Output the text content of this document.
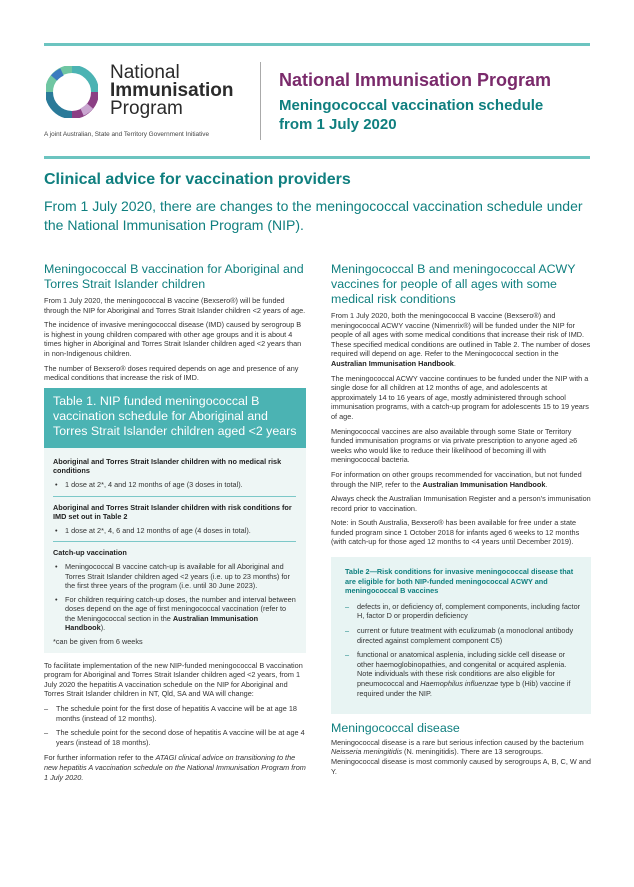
National
Immunisation
Program
A joint Australian, State and Territory Government Initiative
National Immunisation Program
Meningococcal vaccination schedule from 1 July 2020
Clinical advice for vaccination providers
From 1 July 2020, there are changes to the meningococcal vaccination schedule under the National Immunisation Program (NIP).
Meningococcal B vaccination for Aboriginal and Torres Strait Islander children

From 1 July 2020, the meningococcal B vaccine (Bexsero®) will be funded through the NIP for Aboriginal and Torres Strait Islander children <2 years of age.

The incidence of invasive meningococcal disease (IMD) caused by serogroup B is highest in young children compared with other age groups and it is about 4 times higher in Aboriginal and Torres Strait Islander children aged <2 years than in non-Indigenous children.

The number of Bexsero® doses required depends on age and presence of any medical conditions that increase the risk of IMD.

Table 1. NIP funded meningococcal B vaccination schedule for Aboriginal and Torres Strait Islander children aged <2 years
Aboriginal and Torres Strait Islander children with no medical risk conditions
• 1 dose at 2*, 4 and 12 months of age (3 doses in total).
Aboriginal and Torres Strait Islander children with risk conditions for IMD set out in Table 2
• 1 dose at 2*, 4, 6 and 12 months of age (4 doses in total).
Catch-up vaccination
• Meningococcal B vaccine catch-up is available for all Aboriginal and Torres Strait Islander children aged <2 years (i.e. up to 23 months) for the first three years of the program (i.e. until 30 June 2023).
• For children requiring catch-up doses, the number and interval between doses depend on the age of first meningococcal vaccination (refer to the Meningococcal section in the Australian Immunisation Handbook).
*can be given from 6 weeks

To facilitate implementation of the new NIP-funded meningococcal B vaccination program for Aboriginal and Torres Strait Islander children aged <2 years, from 1 July 2020 the hepatitis A vaccination schedule on the NIP for Aboriginal and Torres Strait Islander children in NT, Qld, SA and WA will change:

– The schedule point for the first dose of hepatitis A vaccine will be at age 18 months (instead of 12 months).
– The schedule point for the second dose of hepatitis A vaccine will be at age 4 years (instead of 18 months).

For further information refer to the ATAGI clinical advice on transitioning to the new hepatitis A vaccination schedule on the National Immunisation Program from 1 July 2020.

Meningococcal B and meningococcal ACWY vaccines for people of all ages with some medical risk conditions

From 1 July 2020, both the meningococcal B vaccine (Bexsero®) and meningococcal ACWY vaccine (Nimenrix®) will be funded under the NIP for people of all ages with some medical conditions that increase their risk of IMD. These specified medical conditions are outlined in Table 2. The number of doses required will depend on age. Refer to the Meningococcal section in the Australian Immunisation Handbook.

The meningococcal ACWY vaccine continues to be funded under the NIP with a single dose for all children at 12 months of age, and adolescents at approximately 14 to 16 years of age, mostly administered through school immunisation programs, with a catch-up program for adolescents 15 to 19 years of age.

Meningococcal vaccines are also available through some State or Territory funded immunisation programs or via private prescription to anyone aged ≥6 weeks who would like to reduce their likelihood of becoming ill with meningococcal bacteria.

For information on other groups recommended for vaccination, but not funded through the NIP, refer to the Australian Immunisation Handbook.

Always check the Australian Immunisation Register and a person's immunisation record prior to vaccination.

Note: in South Australia, Bexsero® has been available for free under a state funded program since 1 October 2018 for infants aged 6 weeks to 12 months (with catch-up for those aged 12 months to <4 years until December 2019).

Table 2—Risk conditions for invasive meningococcal disease that are eligible for both NIP-funded meningococcal ACWY and meningococcal B vaccines
– defects in, or deficiency of, complement components, including factor H, factor D or properdin deficiency
– current or future treatment with eculizumab (a monoclonal antibody directed against complement component C5)
– functional or anatomical asplenia, including sickle cell disease or other haemoglobinopathies, and congenital or acquired asplenia. Note individuals with these risk conditions are also eligible for pneumococcal and Haemophilus influenzae type b (Hib) vaccine if required under the NIP.
Meningococcal disease

Meningococcal disease is a rare but serious infection caused by the bacterium Neisseria meningitidis (N. meningitidis). There are 13 serogroups. Meningococcal disease is most commonly caused by serogroups A, B, C, W and Y.
